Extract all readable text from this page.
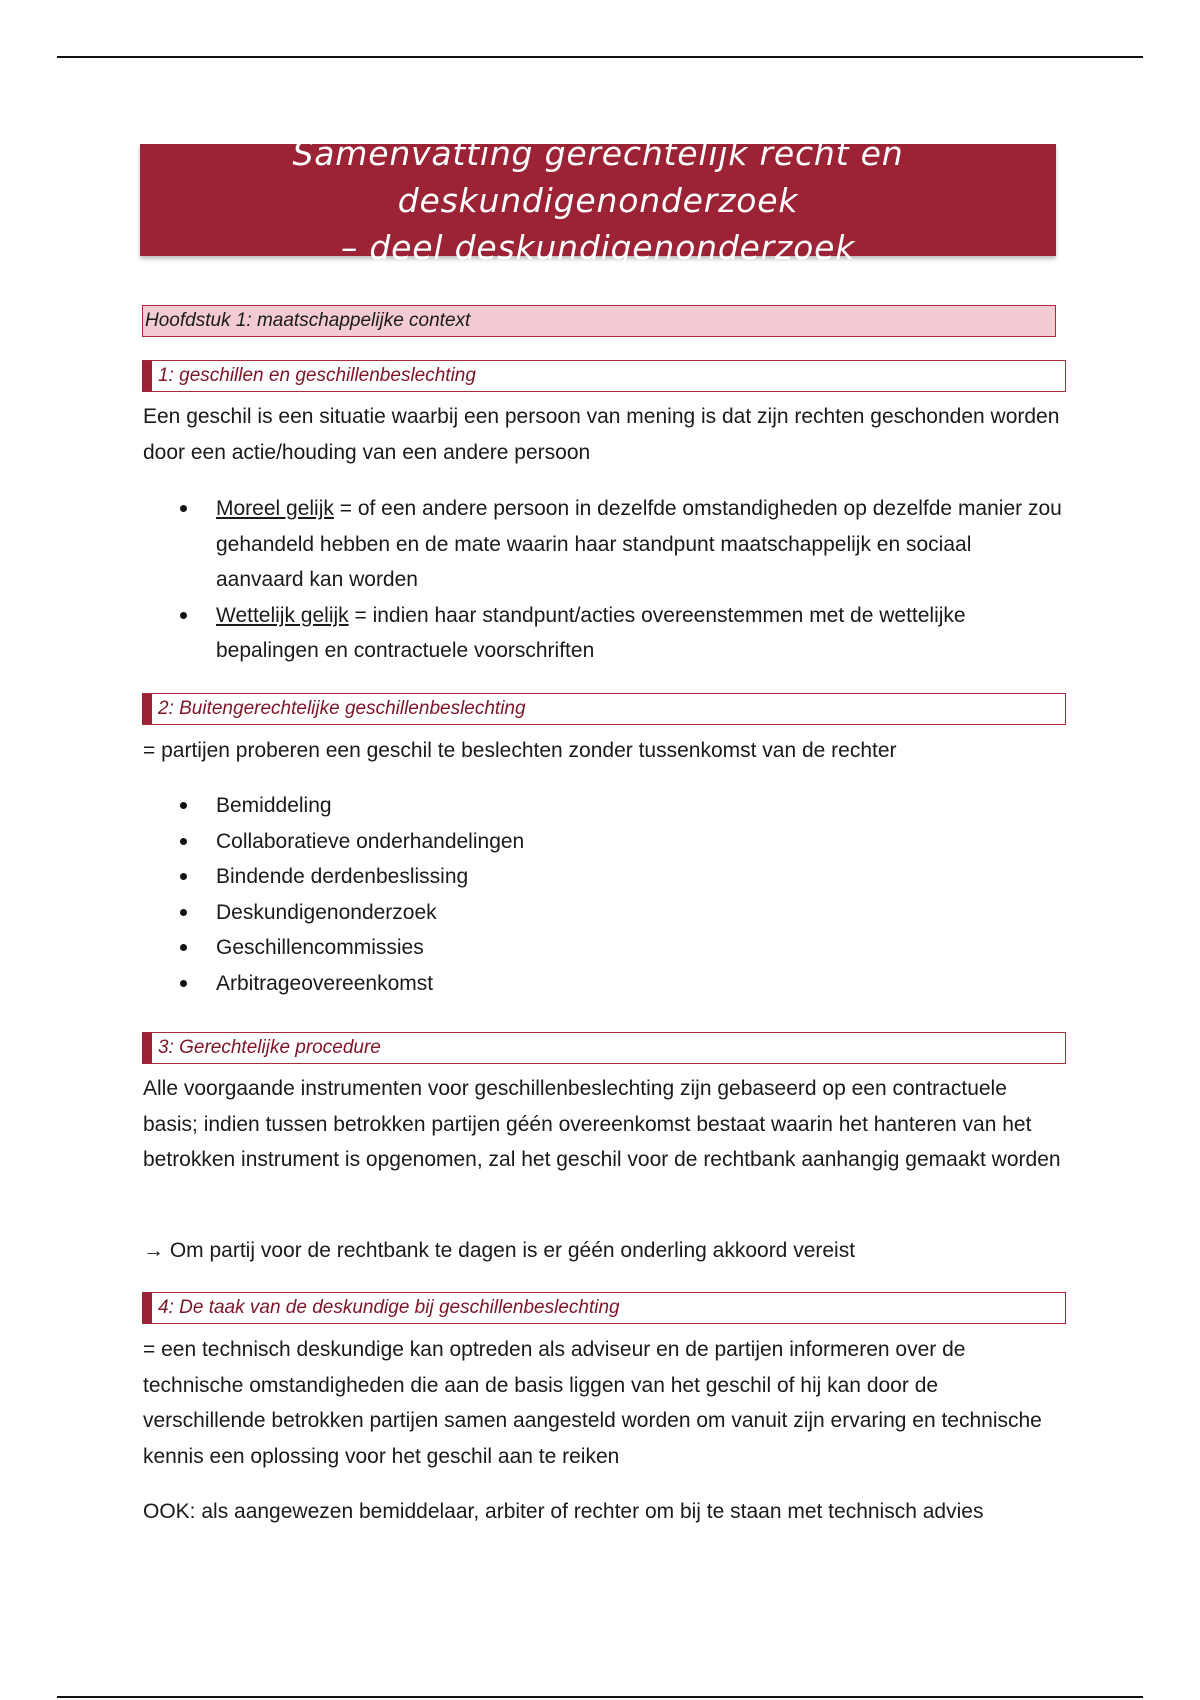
Samenvatting gerechtelijk recht en deskundigenonderzoek
– deel deskundigenonderzoek
Hoofdstuk 1: maatschappelijke context
1: geschillen en geschillenbeslechting
Een geschil is een situatie waarbij een persoon van mening is dat zijn rechten geschonden worden door een actie/houding van een andere persoon
Moreel gelijk = of een andere persoon in dezelfde omstandigheden op dezelfde manier zou gehandeld hebben en de mate waarin haar standpunt maatschappelijk en sociaal aanvaard kan worden
Wettelijk gelijk = indien haar standpunt/acties overeenstemmen met de wettelijke bepalingen en contractuele voorschriften
2: Buitengerechtelijke geschillenbeslechting
= partijen proberen een geschil te beslechten zonder tussenkomst van de rechter
Bemiddeling
Collaboratieve onderhandelingen
Bindende derdenbeslissing
Deskundigenonderzoek
Geschillencommissies
Arbitrageovereenkomst
3: Gerechtelijke procedure
Alle voorgaande instrumenten voor geschillenbeslechting zijn gebaseerd op een contractuele basis; indien tussen betrokken partijen géén overeenkomst bestaat waarin het hanteren van het betrokken instrument is opgenomen, zal het geschil voor de rechtbank aanhangig gemaakt worden
→ Om partij voor de rechtbank te dagen is er géén onderling akkoord vereist
4: De taak van de deskundige bij geschillenbeslechting
= een technisch deskundige kan optreden als adviseur en de partijen informeren over de technische omstandigheden die aan de basis liggen van het geschil of hij kan door de verschillende betrokken partijen samen aangesteld worden om vanuit zijn ervaring en technische kennis een oplossing voor het geschil aan te reiken
OOK: als aangewezen bemiddelaar, arbiter of rechter om bij te staan met technisch advies
